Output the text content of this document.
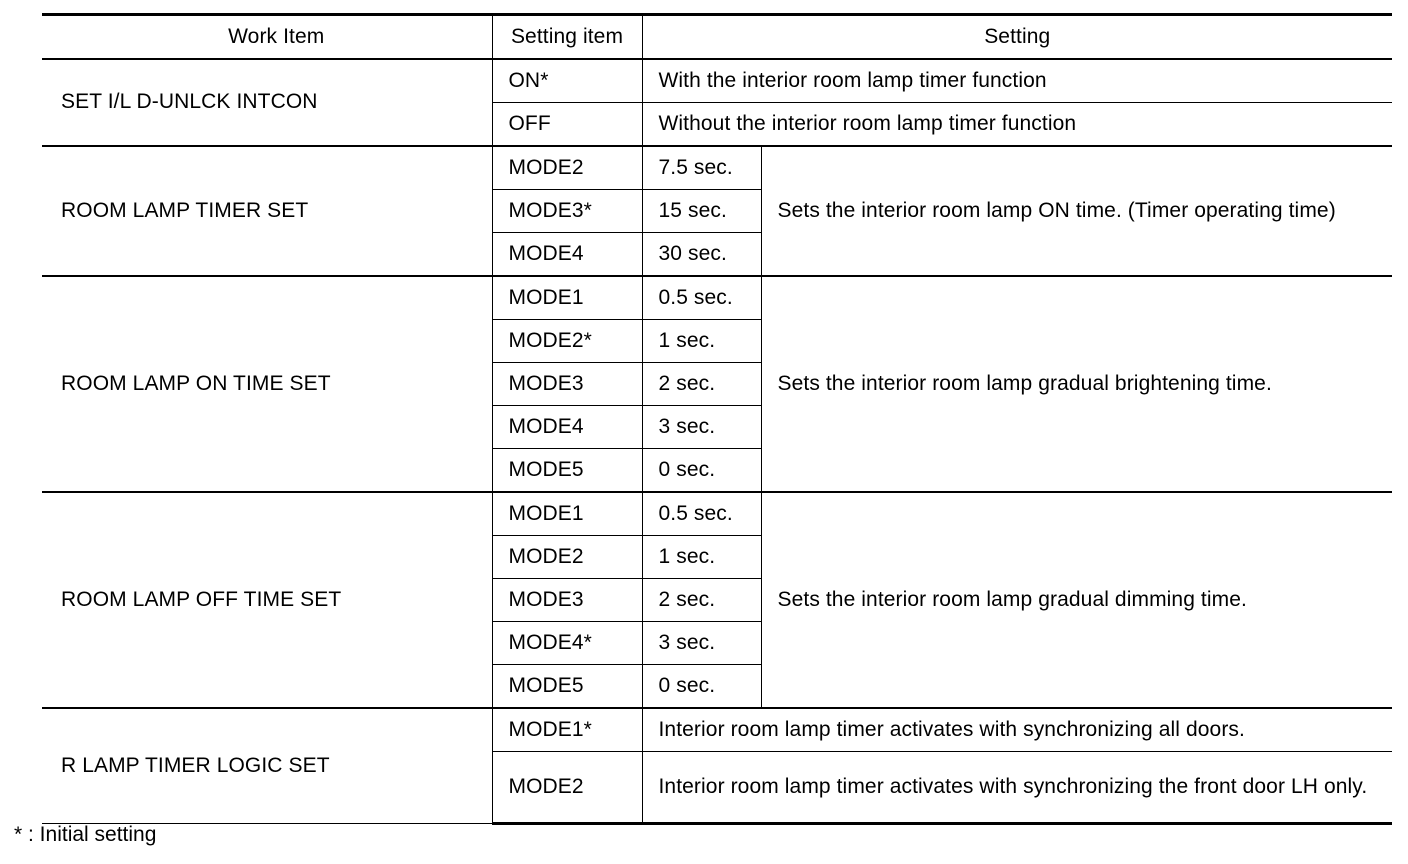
Work Item	Setting item	Setting	
SET I/L D-UNLCK INTCON	ON*	With the interior room lamp timer function	
	OFF	Without the interior room lamp timer function	
ROOM LAMP TIMER SET	MODE2	7.5 sec.	Sets the interior room lamp ON time. (Timer operating time)
	MODE3*	15 sec.	
	MODE4	30 sec.	
ROOM LAMP ON TIME SET	MODE1	0.5 sec.	Sets the interior room lamp gradual brightening time.
	MODE2*	1 sec.	
	MODE3	2 sec.	
	MODE4	3 sec.	
	MODE5	0 sec.	
ROOM LAMP OFF TIME SET	MODE1	0.5 sec.	Sets the interior room lamp gradual dimming time.
	MODE2	1 sec.	
	MODE3	2 sec.	
	MODE4*	3 sec.	
	MODE5	0 sec.	
R LAMP TIMER LOGIC SET	MODE1*	Interior room lamp timer activates with synchronizing all doors.	
	MODE2	Interior room lamp timer activates with synchronizing the front door LH only.	
* : Initial setting
